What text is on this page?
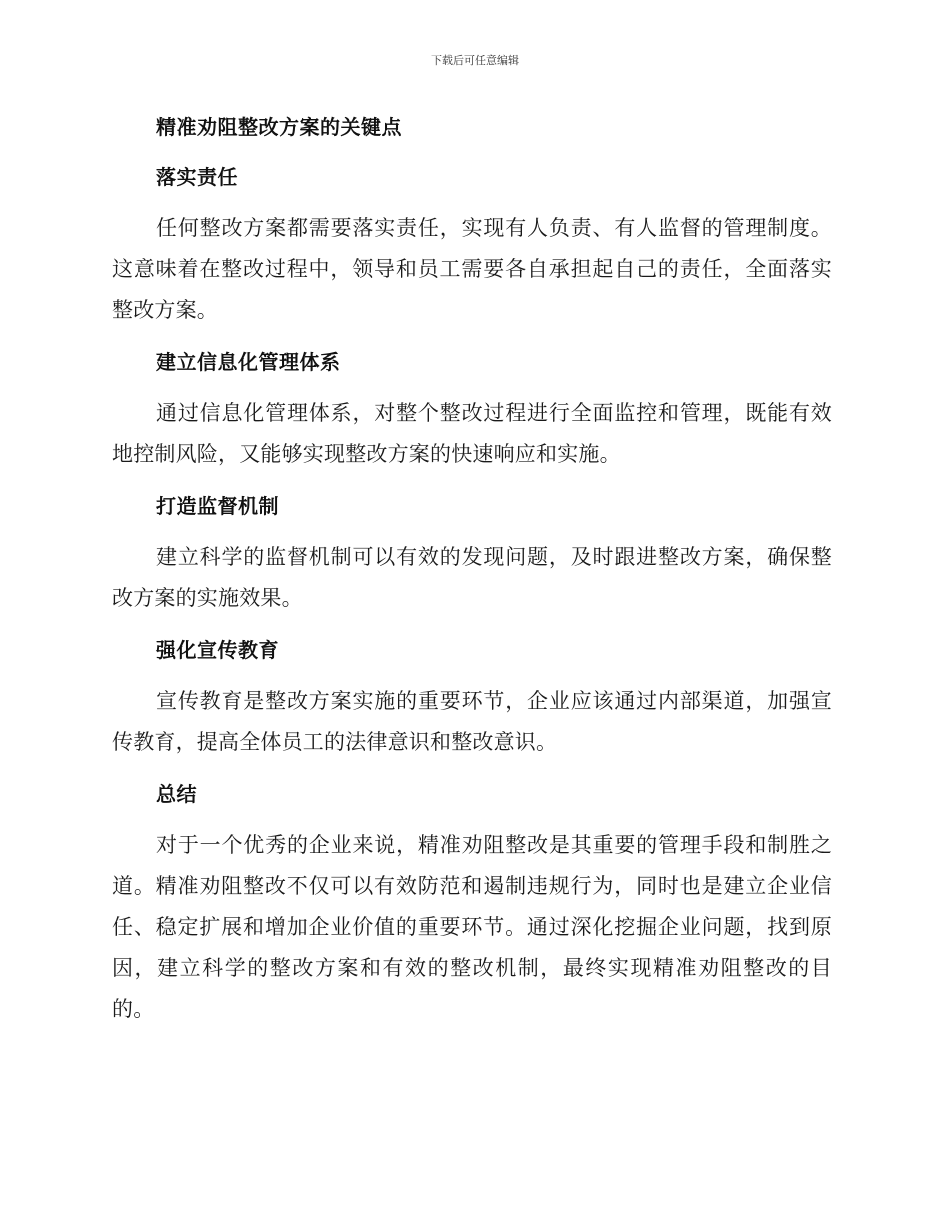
下载后可任意编辑
精准劝阻整改方案的关键点
落实责任

任何整改方案都需要落实责任，实现有人负责、有人监督的管理制度。这意味着在整改过程中，领导和员工需要各自承担起自己的责任，全面落实整改方案。

建立信息化管理体系

通过信息化管理体系，对整个整改过程进行全面监控和管理，既能有效地控制风险，又能够实现整改方案的快速响应和实施。

打造监督机制

建立科学的监督机制可以有效的发现问题，及时跟进整改方案，确保整改方案的实施效果。

强化宣传教育

宣传教育是整改方案实施的重要环节，企业应该通过内部渠道，加强宣传教育，提高全体员工的法律意识和整改意识。

总结

对于一个优秀的企业来说，精准劝阻整改是其重要的管理手段和制胜之道。精准劝阻整改不仅可以有效防范和遏制违规行为，同时也是建立企业信任、稳定扩展和增加企业价值的重要环节。通过深化挖掘企业问题，找到原因，建立科学的整改方案和有效的整改机制，最终实现精准劝阻整改的目的。
